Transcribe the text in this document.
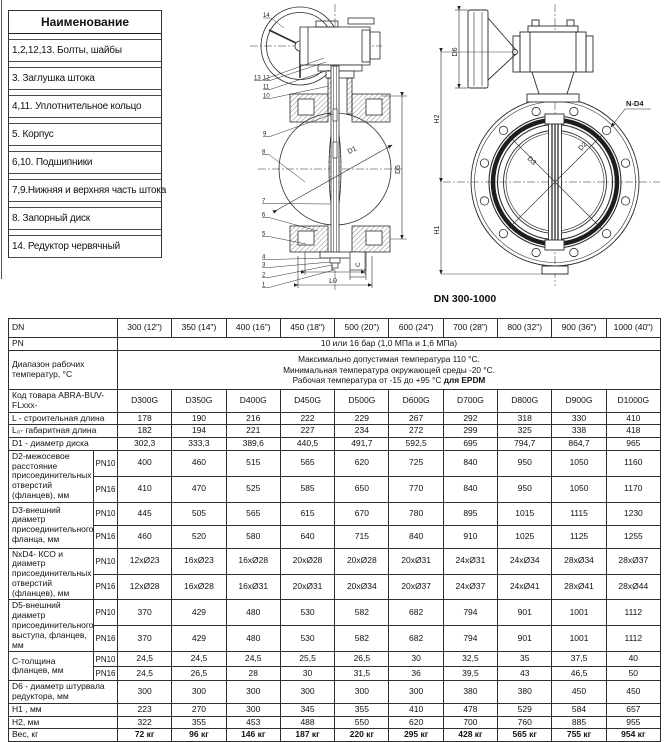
Наименование
1,2,12,13. Болты, шайбы
3. Заглушка штока
4,11. Уплотнительное кольцо
5. Корпус
6,10. Подшипники
7,9.Нижняя и верхняя часть штока
8. Запорный диск
14. Редуктор червячный
14
13 12
11
10
9
8
7
6
5
4
3
2
1
D1
D5
L
L0
C
D6
H2
H1
D3
D2
N-D4
DN 300-1000
DN		300 (12")	350 (14")	400 (16")	450 (18")	500 (20")	600 (24")	700 (28")	800 (32")	900 (36")	1000 (40")
PN		10 или 16 бар (1,0 МПа и 1,6 МПа)									
Диапазон рабочих температур, °С		Максимально допустимая температура 110 °С.
Минимальная температура окружающей среды -20 °С.
Рабочая температура от -15 до +95 °С для EPDM									

Код товара ABRA-BUV-FLxxx-		D300G	D350G	D400G	D450G	D500G	D600G	D700G	D800G	D900G	D1000G
L - строительная длина		178	190	216	222	229	267	292	318	330	410
L₀- габаритная длина		182	194	221	227	234	272	299	325	338	418
D1 - диаметр диска		302,3	333,3	389,6	440,5	491,7	592,5	695	794,7	864,7	965
D2-межосевое расстояние присоединительных отверстий (фланцев), мм	PN10	400	460	515	565	620	725	840	950	1050	1160
	PN16	410	470	525	585	650	770	840	950	1050	1170
D3-внешний диаметр присоединительного фланца, мм	PN10	445	505	565	615	670	780	895	1015	1115	1230
	PN16	460	520	580	640	715	840	910	1025	1125	1255
NxD4- КСО и диаметр присоединительных отверстий (фланцев), мм	PN10	12xØ23	16xØ23	16xØ28	20xØ28	20xØ28	20xØ31	24xØ31	24xØ34	28xØ34	28xØ37
	PN16	12xØ28	16xØ28	16xØ31	20xØ31	20xØ34	20xØ37	24xØ37	24xØ41	28xØ41	28xØ44
D5-внешний диаметр присоединительного выступа, фланцев, мм	PN10	370	429	480	530	582	682	794	901	1001	1112
	PN16	370	429	480	530	582	682	794	901	1001	1112
С-толщина фланцев, мм	PN10	24,5	24,5	24,5	25,5	26,5	30	32,5	35	37,5	40
	PN16	24,5	26,5	28	30	31,5	36	39,5	43	46,5	50
D6 - диаметр штурвала редуктора, мм		300	300	300	300	300	300	380	380	450	450
H1 , мм		223	270	300	345	355	410	478	529	584	657
H2, мм		322	355	453	488	550	620	700	760	885	955
Вес, кг		72 кг	96 кг	146 кг	187 кг	220 кг	295 кг	428 кг	565 кг	755 кг	954 кг
